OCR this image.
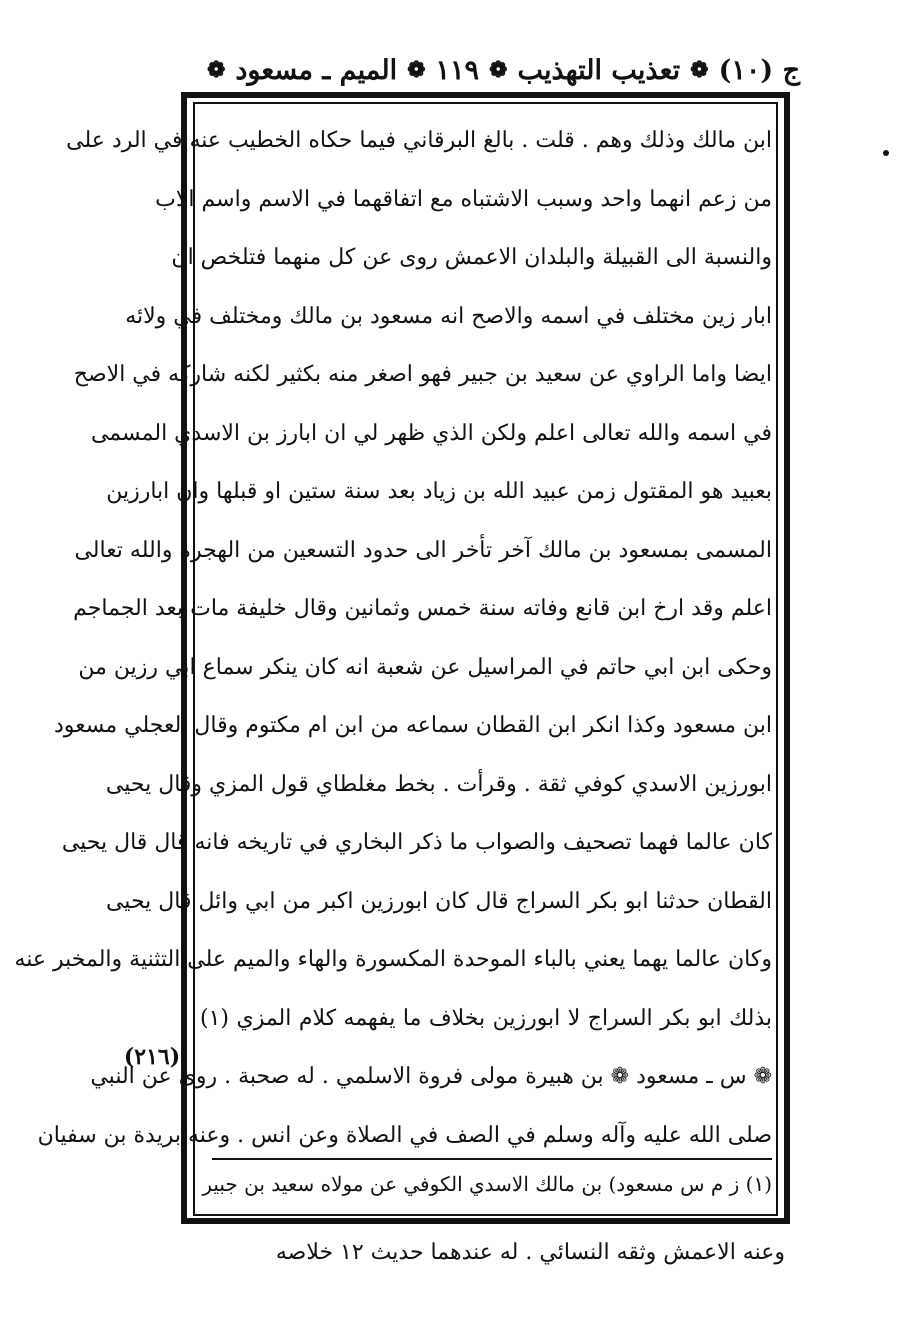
ج (١٠)
❁
تعذيب التهذيب
❁
١١٩
❁
الميم ـ مسعود
❁
ابن مالك وذلك وهم . قلت . بالغ البرقاني فيما حكاه الخطيب عنه في الرد على
من زعم انهما واحد وسبب الاشتباه مع اتفاقهما في الاسم واسم الاب
والنسبة الى القبيلة والبلدان الاعمش روى عن كل منهما فتلخص ان
ابار زين مختلف في اسمه والاصح انه مسعود بن مالك ومختلف في ولائه
ايضا واما الراوي عن سعيد بن جبير فهو اصغر منه بكثير لكنه شاركه في الاصح
في اسمه والله تعالى اعلم ولكن الذي ظهر لي ان ابارز بن الاسدي المسمى
بعبيد هو المقتول زمن عبيد الله بن زياد بعد سنة ستين او قبلها وان ابارزين
المسمى بمسعود بن مالك آخر تأخر الى حدود التسعين من الهجرة والله تعالى
اعلم وقد ارخ ابن قانع وفاته سنة خمس وثمانين وقال خليفة مات بعد الجماجم
وحكى ابن ابي حاتم في المراسيل عن شعبة انه كان ينكر سماع ابي رزين من
ابن مسعود وكذا انكر ابن القطان سماعه من ابن ام مكتوم وقال العجلي مسعود
ابورزين الاسدي كوفي ثقة . وقرأت . بخط مغلطاي قول المزي وقال يحيى
كان عالما فهما تصحيف والصواب ما ذكر البخاري في تاريخه فانه قال قال يحيى
القطان حدثنا ابو بكر السراج قال كان ابورزين اكبر من ابي وائل قال يحيى
وكان عالما يهما يعني بالباء الموحدة المكسورة والهاء والميم على التثنية والمخبر عنه
بذلك ابو بكر السراج لا ابورزين بخلاف ما يفهمه كلام المزي (١)
❁ س ـ مسعود ❁ بن هبيرة مولى فروة الاسلمي . له صحبة . روى عن النبي
صلى الله عليه وآله وسلم في الصف في الصلاة وعن انس . وعنه بريدة بن سفيان
(١) ز م س مسعود) بن مالك الاسدي الكوفي عن مولاه سعيد بن جبير
(٢١٦)
وعنه الاعمش وثقه النسائي . له عندهما حديث ١٢ خلاصه
